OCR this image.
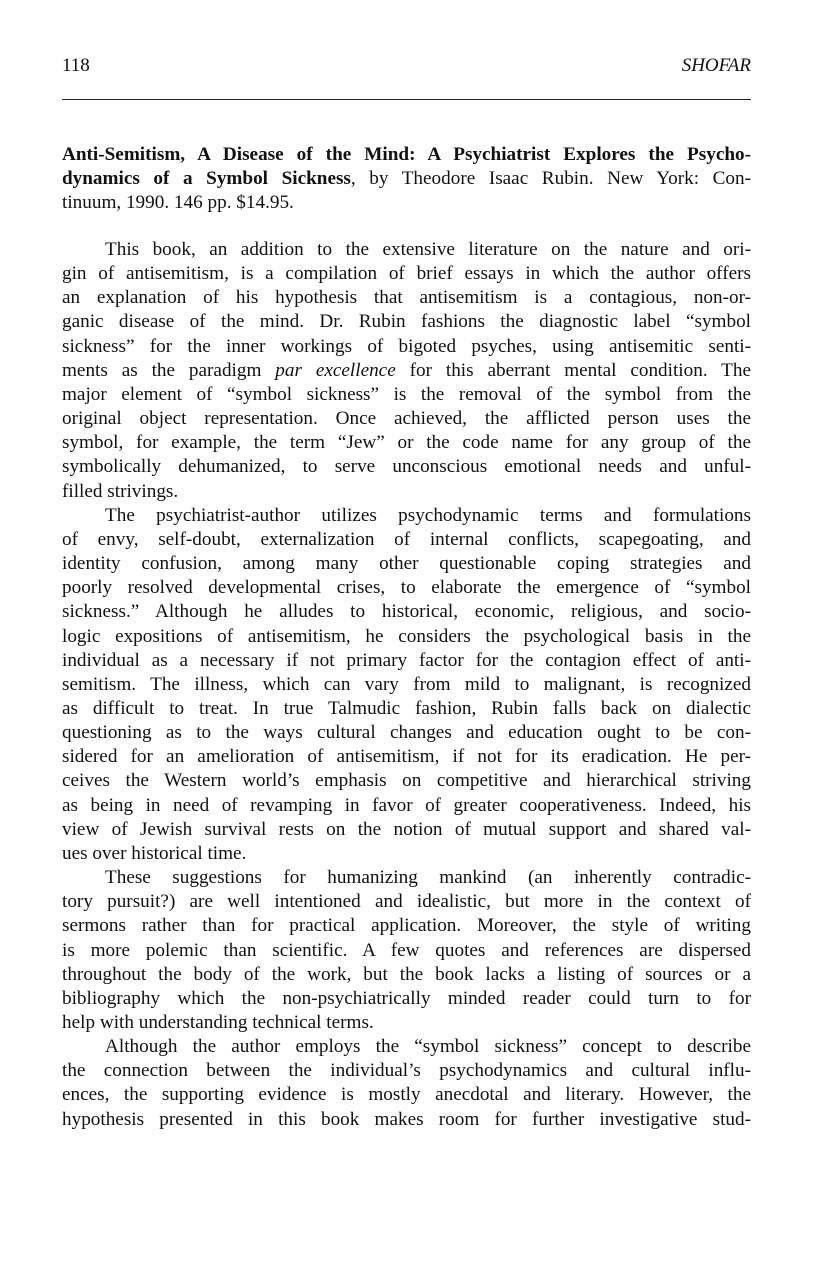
118	SHOFAR
Anti-Semitism, A Disease of the Mind: A Psychiatrist Explores the Psycho-
dynamics of a Symbol Sickness, by Theodore Isaac Rubin. New York: Con-
tinuum, 1990. 146 pp. $14.95.
This book, an addition to the extensive literature on the nature and ori-
gin of antisemitism, is a compilation of brief essays in which the author offers
an explanation of his hypothesis that antisemitism is a contagious, non-or-
ganic disease of the mind. Dr. Rubin fashions the diagnostic label “symbol
sickness” for the inner workings of bigoted psyches, using antisemitic senti-
ments as the paradigm par excellence for this aberrant mental condition. The
major element of “symbol sickness” is the removal of the symbol from the
original object representation. Once achieved, the afflicted person uses the
symbol, for example, the term “Jew” or the code name for any group of the
symbolically dehumanized, to serve unconscious emotional needs and unful-
filled strivings.
The psychiatrist-author utilizes psychodynamic terms and formulations
of envy, self-doubt, externalization of internal conflicts, scapegoating, and
identity confusion, among many other questionable coping strategies and
poorly resolved developmental crises, to elaborate the emergence of “symbol
sickness.” Although he alludes to historical, economic, religious, and socio-
logic expositions of antisemitism, he considers the psychological basis in the
individual as a necessary if not primary factor for the contagion effect of anti-
semitism. The illness, which can vary from mild to malignant, is recognized
as difficult to treat. In true Talmudic fashion, Rubin falls back on dialectic
questioning as to the ways cultural changes and education ought to be con-
sidered for an amelioration of antisemitism, if not for its eradication. He per-
ceives the Western world’s emphasis on competitive and hierarchical striving
as being in need of revamping in favor of greater cooperativeness. Indeed, his
view of Jewish survival rests on the notion of mutual support and shared val-
ues over historical time.
These suggestions for humanizing mankind (an inherently contradic-
tory pursuit?) are well intentioned and idealistic, but more in the context of
sermons rather than for practical application. Moreover, the style of writing
is more polemic than scientific. A few quotes and references are dispersed
throughout the body of the work, but the book lacks a listing of sources or a
bibliography which the non-psychiatrically minded reader could turn to for
help with understanding technical terms.
Although the author employs the “symbol sickness” concept to describe
the connection between the individual’s psychodynamics and cultural influ-
ences, the supporting evidence is mostly anecdotal and literary. However, the
hypothesis presented in this book makes room for further investigative stud-
